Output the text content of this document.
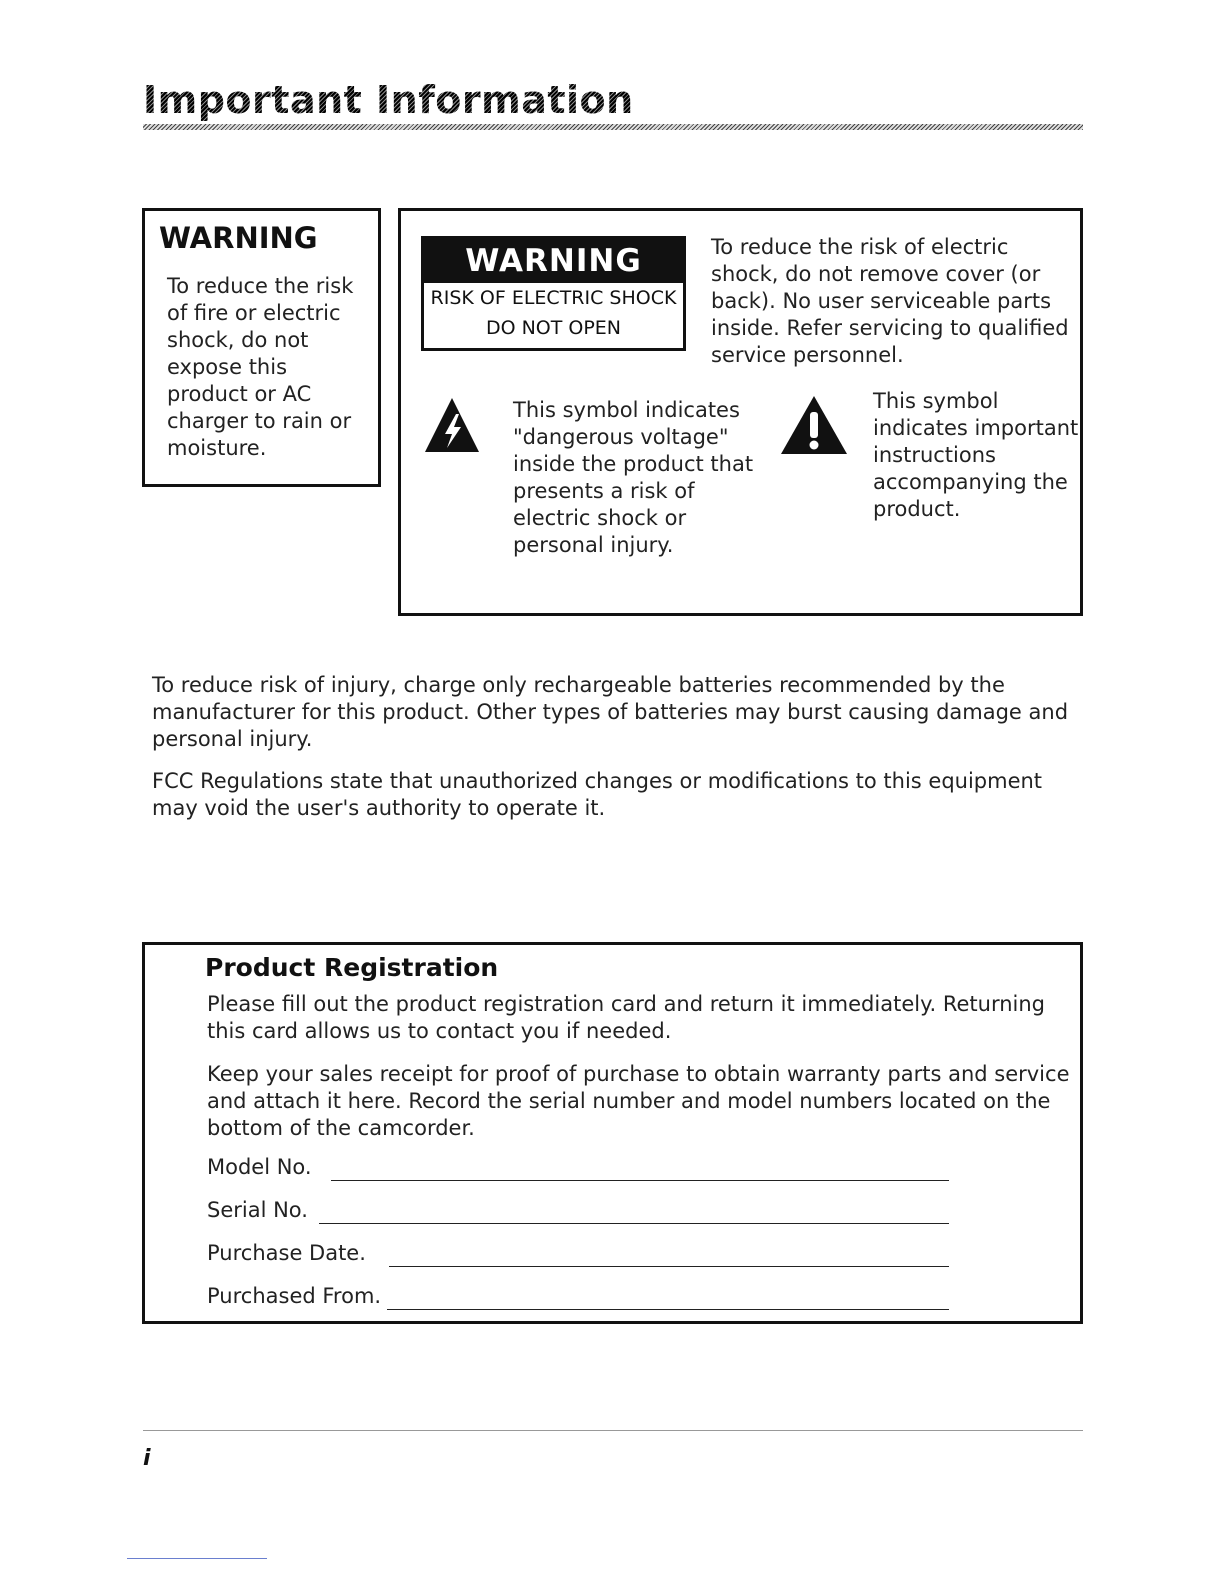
Important Information
WARNING

To reduce the risk of fire or electric shock, do not expose this product or AC charger to rain or moisture.

WARNING
RISK OF ELECTRIC SHOCK
DO NOT OPEN

To reduce the risk of electric shock, do not remove cover (or back). No user serviceable parts inside. Refer servicing to qualified service personnel.

This symbol indicates "dangerous voltage" inside the product that presents a risk of electric shock or personal injury.

This symbol indicates important instructions accompanying the product.

To reduce risk of injury, charge only rechargeable batteries recommended by the manufacturer for this product. Other types of batteries may burst causing damage and personal injury.

FCC Regulations state that unauthorized changes or modifications to this equipment may void the user's authority to operate it.

Product Registration

Please fill out the product registration card and return it immediately. Returning this card allows us to contact you if needed.

Keep your sales receipt for proof of purchase to obtain warranty parts and service and attach it here. Record the serial number and model numbers located on the bottom of the camcorder.

Model No.
Serial No.
Purchase Date.
Purchased From.
i
